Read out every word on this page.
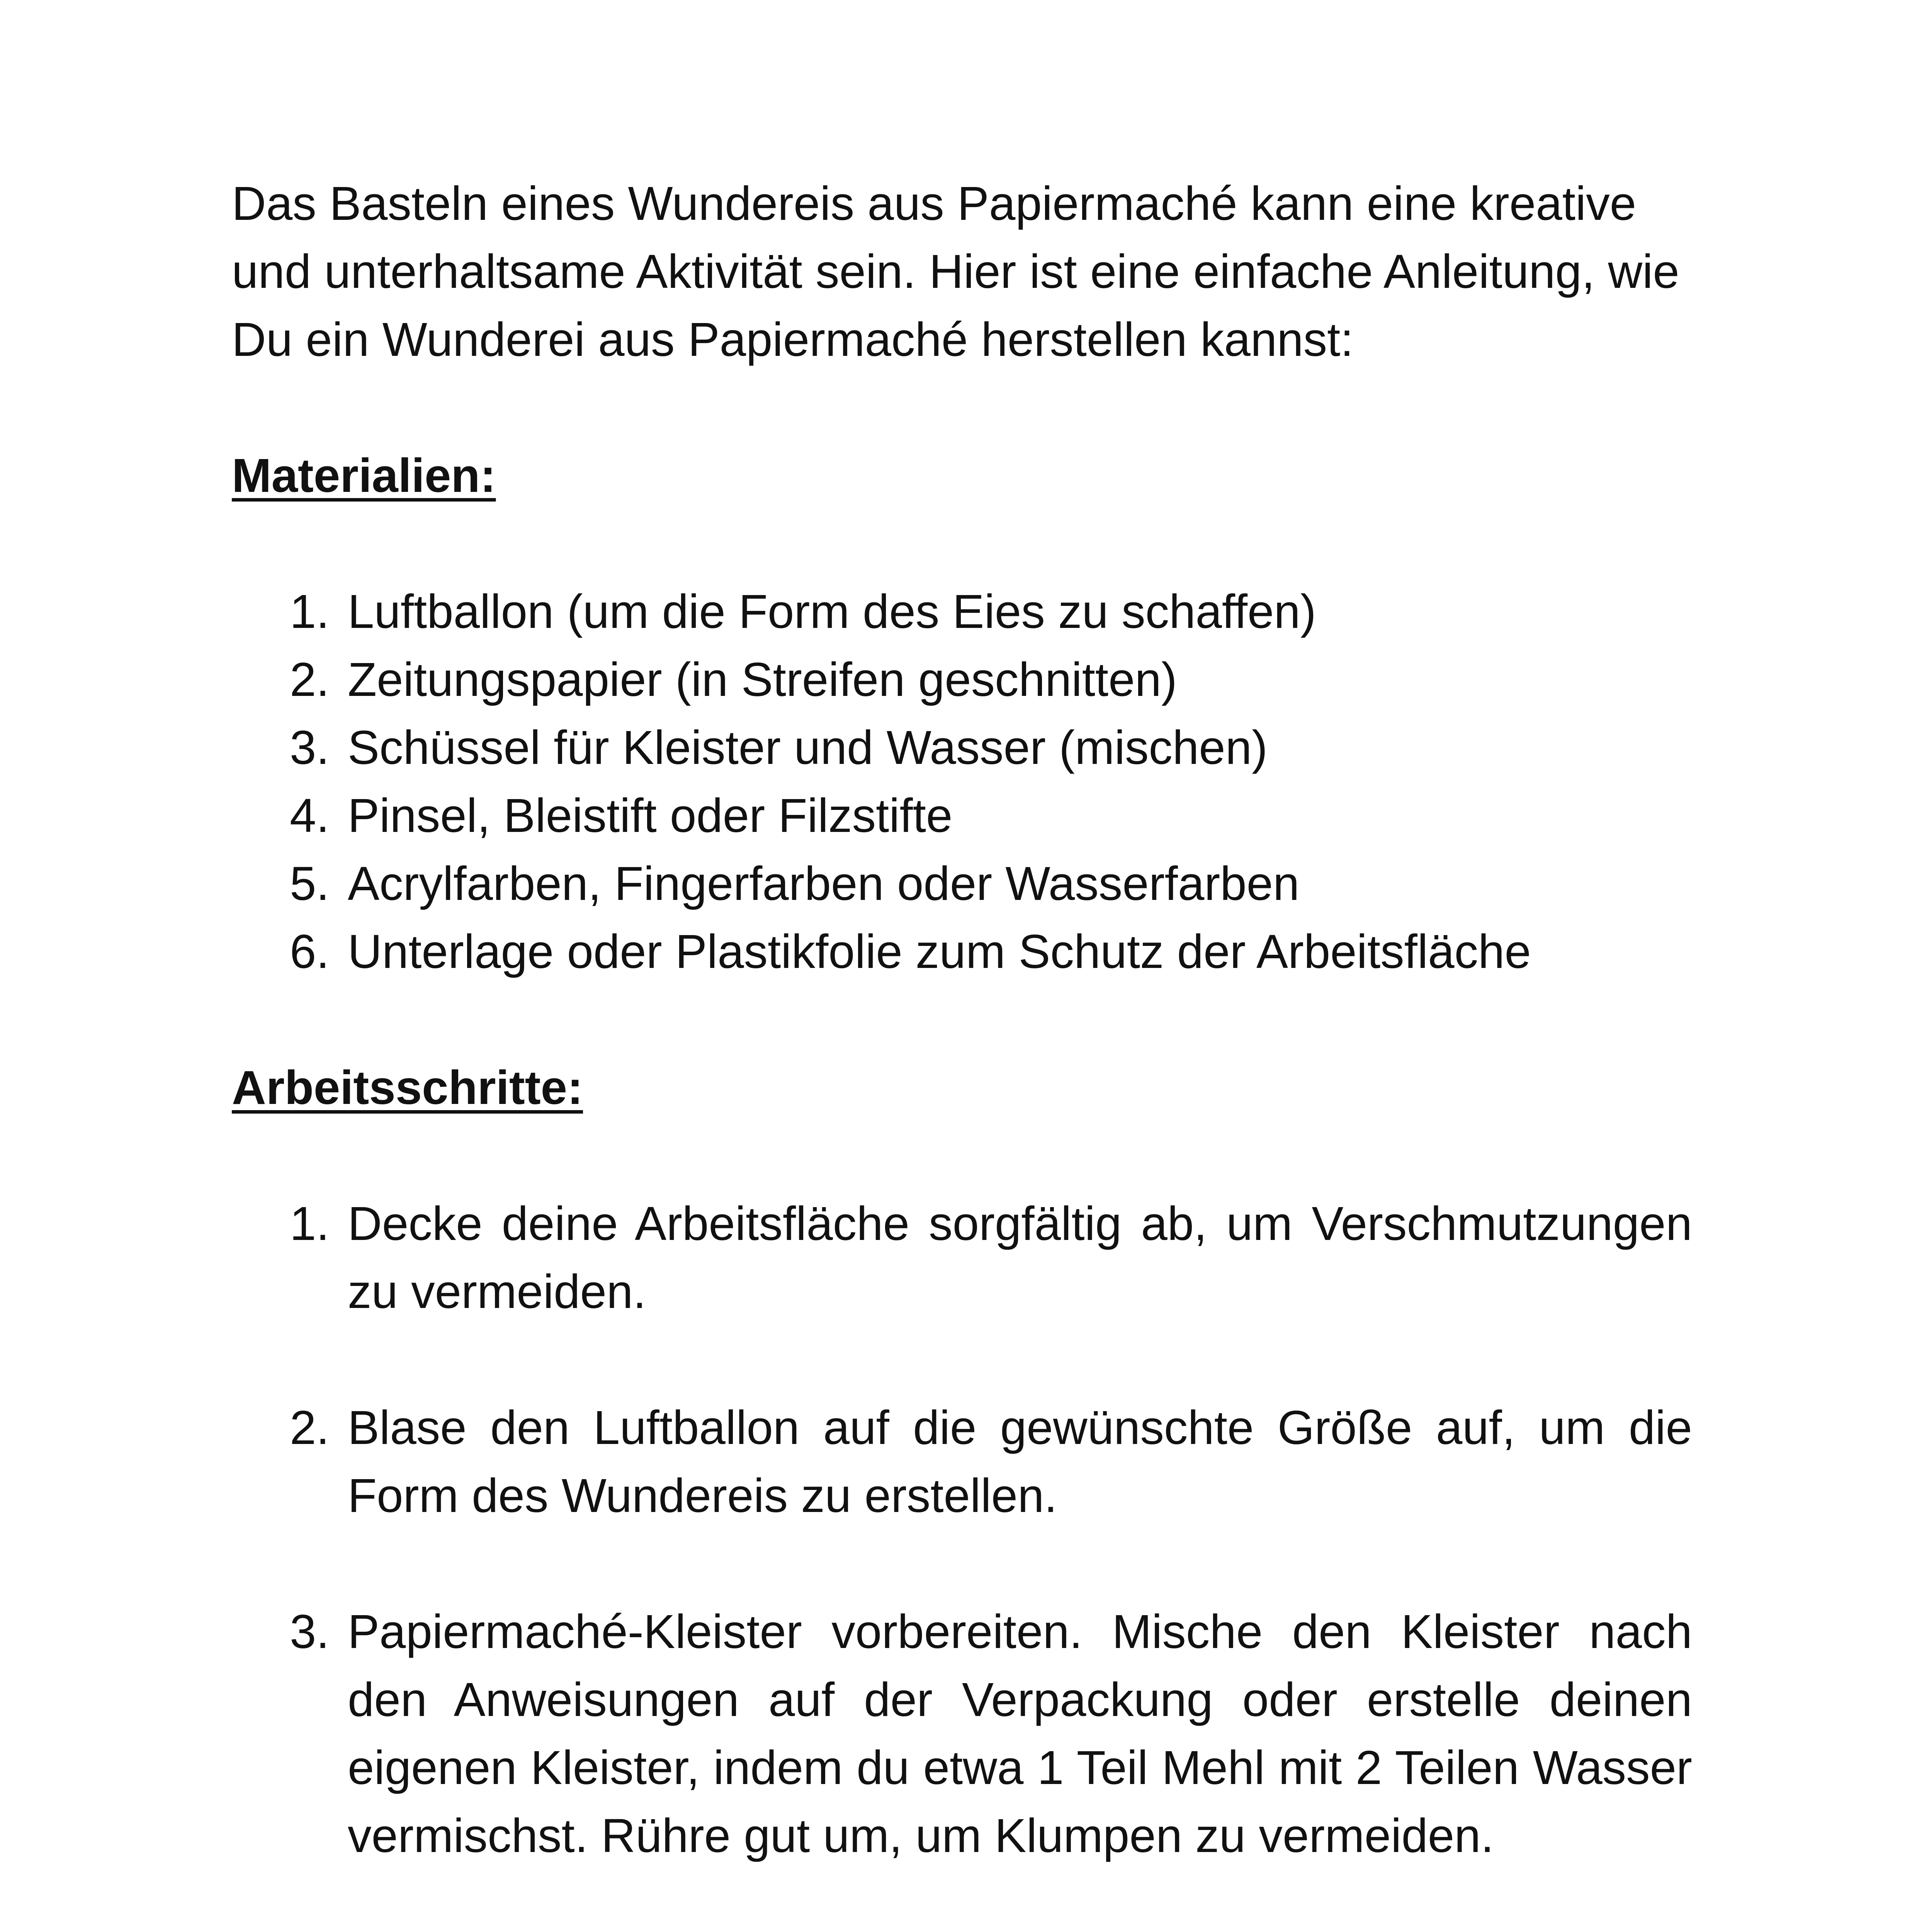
Das Basteln eines Wundereis aus Papiermaché kann eine kreative und unterhaltsame Aktivität sein. Hier ist eine einfache Anleitung, wie Du ein Wunderei aus Papiermaché herstellen kannst:

Materialien:

1. Luftballon (um die Form des Eies zu schaffen)
2. Zeitungspapier (in Streifen geschnitten)
3. Schüssel für Kleister und Wasser (mischen)
4. Pinsel, Bleistift oder Filzstifte
5. Acrylfarben, Fingerfarben oder Wasserfarben
6. Unterlage oder Plastikfolie zum Schutz der Arbeitsfläche

Arbeitsschritte:

1. Decke deine Arbeitsfläche sorgfältig ab, um Verschmutzungen zu vermeiden.
2. Blase den Luftballon auf die gewünschte Größe auf, um die Form des Wundereis zu erstellen.
3. Papiermaché-Kleister vorbereiten. Mische den Kleister nach den Anweisungen auf der Verpackung oder erstelle deinen eigenen Kleister, indem du etwa 1 Teil Mehl mit 2 Teilen Wasser vermischst. Rühre gut um, um Klumpen zu vermeiden.
